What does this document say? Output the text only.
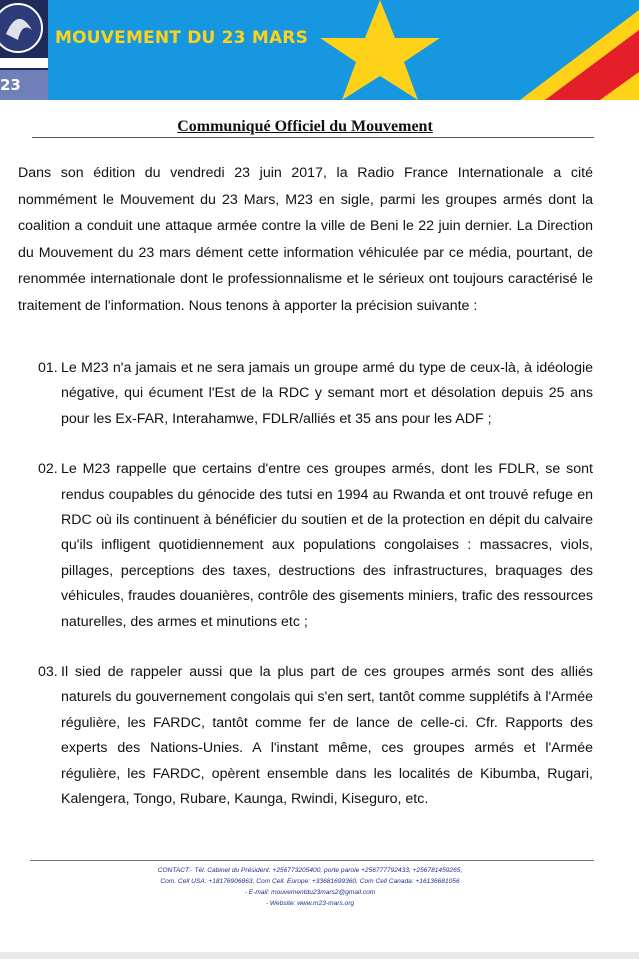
MOUVEMENT DU 23 MARS
23
Communiqué Officiel du Mouvement

Dans son édition du vendredi 23 juin 2017, la Radio France Internationale a cité nommément le Mouvement du 23 Mars, M23 en sigle, parmi les groupes armés dont la coalition a conduit une attaque armée contre la ville de Beni le 22 juin dernier. La Direction du Mouvement du 23 mars dément cette information véhiculée par ce média, pourtant, de renommée internationale dont le professionnalisme et le sérieux ont toujours caractérisé le traitement de l'information. Nous tenons à apporter la précision suivante :

01. Le M23 n'a jamais et ne sera jamais un groupe armé du type de ceux-là, à idéologie négative, qui écument l'Est de la RDC y semant mort et désolation depuis 25 ans pour les Ex-FAR, Interahamwe, FDLR/alliés et 35 ans pour les ADF ;
02. Le M23 rappelle que certains d'entre ces groupes armés, dont les FDLR, se sont rendus coupables du génocide des tutsi en 1994 au Rwanda et ont trouvé refuge en RDC où ils continuent à bénéficier du soutien et de la protection en dépit du calvaire qu'ils infligent quotidiennement aux populations congolaises : massacres, viols, pillages, perceptions des taxes, destructions des infrastructures, braquages des véhicules, fraudes douanières, contrôle des gisements miniers, trafic des ressources naturelles, des armes et minutions etc ;
03. Il sied de rappeler aussi que la plus part de ces groupes armés sont des alliés naturels du gouvernement congolais qui s'en sert, tantôt comme supplétifs à l'Armée régulière, les FARDC, tantôt comme fer de lance de celle-ci. Cfr. Rapports des experts des Nations-Unies. A l'instant même, ces groupes armés et l'Armée régulière, les FARDC, opèrent ensemble dans les localités de Kibumba, Rugari, Kalengera, Tongo, Rubare, Kaunga, Rwindi, Kiseguro, etc.
CONTACT:- Tél. Cabinet du Président: +256773205400, porte parole +256777792433, +256781459265,
Com. Cell USA: +18176906863, Com Cell. Europe: +33681699360, Com Cell Canada: +16136681056
- E-mail: mouvementdu23mars2@gmail.com
- Website: www.m23-mars.org
